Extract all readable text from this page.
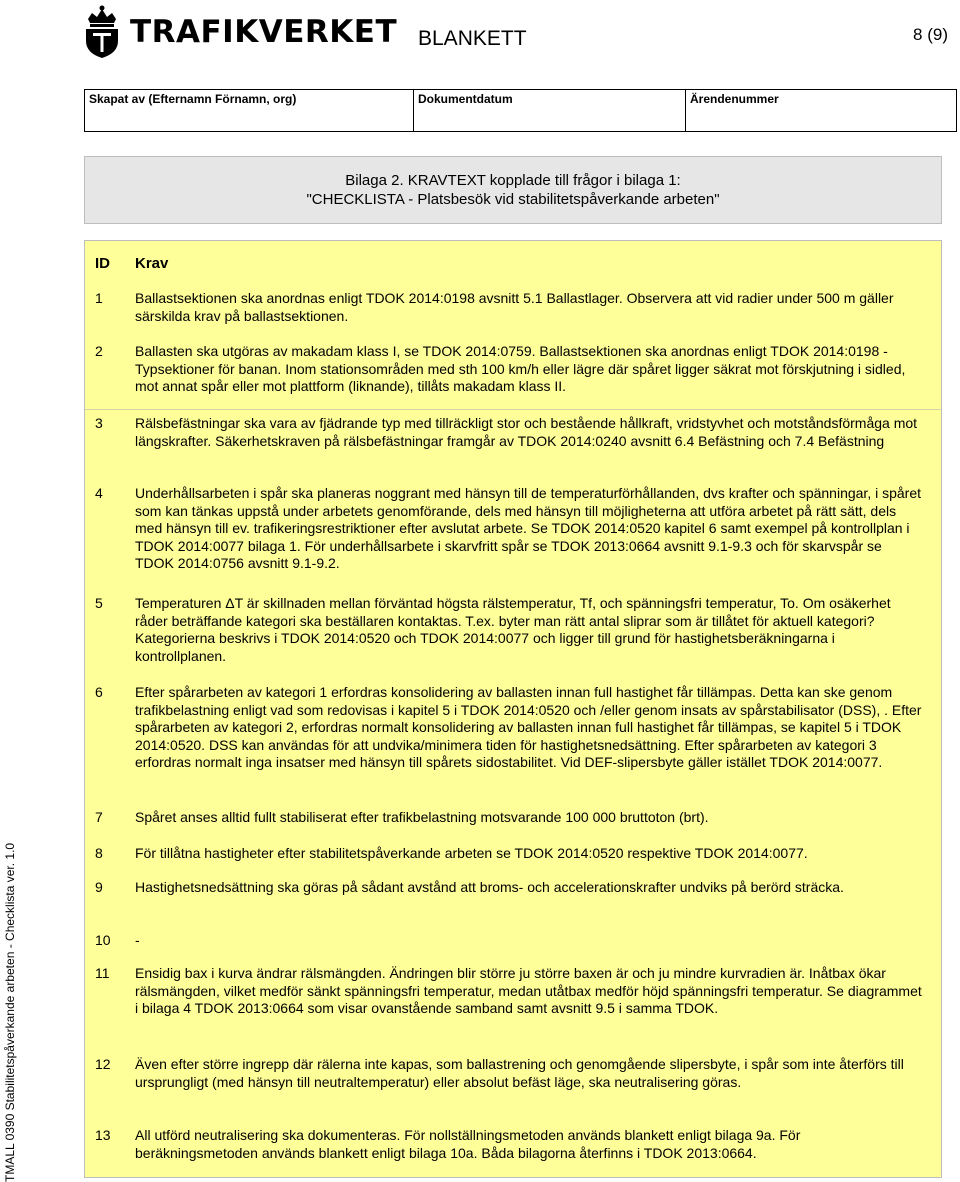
TRAFIKVERKET BLANKETT	8 (9)
Skapat av (Efternamn Förnamn, org)	Dokumentdatum	Ärendenummer
Bilaga 2. KRAVTEXT kopplade till frågor i bilaga 1:
"CHECKLISTA - Platsbesök vid stabilitetspåverkande arbeten"
ID Krav
1 Ballastsektionen ska anordnas enligt TDOK 2014:0198 avsnitt 5.1 Ballastlager. Observera att vid radier under 500 m gäller särskilda krav på ballastsektionen.
2 Ballasten ska utgöras av makadam klass I, se TDOK 2014:0759. Ballastsektionen ska anordnas enligt TDOK 2014:0198 - Typsektioner för banan. Inom stationsområden med sth 100 km/h eller lägre där spåret ligger säkrat mot förskjutning i sidled, mot annat spår eller mot plattform (liknande), tillåts makadam klass II.
3 Rälsbefästningar ska vara av fjädrande typ med tillräckligt stor och bestående hållkraft, vridstyvhet och motståndsförmåga mot längskrafter. Säkerhetskraven på rälsbefästningar framgår av TDOK 2014:0240 avsnitt 6.4 Befästning och 7.4 Befästning
4 Underhållsarbeten i spår ska planeras noggrant med hänsyn till de temperaturförhållanden, dvs krafter och spänningar, i spåret som kan tänkas uppstå under arbetets genomförande, dels med hänsyn till möjligheterna att utföra arbetet på rätt sätt, dels med hänsyn till ev. trafikeringsrestriktioner efter avslutat arbete. Se TDOK 2014:0520 kapitel 6 samt exempel på kontrollplan i TDOK 2014:0077 bilaga 1. För underhållsarbete i skarvfritt spår se TDOK 2013:0664 avsnitt 9.1-9.3 och för skarvspår se TDOK 2014:0756 avsnitt 9.1-9.2.
5 Temperaturen ΔT är skillnaden mellan förväntad högsta rälstemperatur, Tf, och spänningsfri temperatur, To. Om osäkerhet råder beträffande kategori ska beställaren kontaktas. T.ex. byter man rätt antal sliprar som är tillåtet för aktuell kategori? Kategorierna beskrivs i TDOK 2014:0520 och TDOK 2014:0077 och ligger till grund för hastighetsberäkningarna i kontrollplanen.
6 Efter spårarbeten av kategori 1 erfordras konsolidering av ballasten innan full hastighet får tillämpas. Detta kan ske genom trafikbelastning enligt vad som redovisas i kapitel 5 i TDOK 2014:0520 och /eller genom insats av spårstabilisator (DSS), . Efter spårarbeten av kategori 2, erfordras normalt konsolidering av ballasten innan full hastighet får tillämpas, se kapitel 5 i TDOK 2014:0520. DSS kan användas för att undvika/minimera tiden för hastighetsnedsättning. Efter spårarbeten av kategori 3 erfordras normalt inga insatser med hänsyn till spårets sidostabilitet. Vid DEF-slipersbyte gäller istället TDOK 2014:0077.
7 Spåret anses alltid fullt stabiliserat efter trafikbelastning motsvarande 100 000 bruttoton (brt).
8 För tillåtna hastigheter efter stabilitetspåverkande arbeten se TDOK 2014:0520 respektive TDOK 2014:0077.
9 Hastighetsnedsättning ska göras på sådant avstånd att broms- och accelerationskrafter undviks på berörd sträcka.
10 -
11 Ensidig bax i kurva ändrar rälsmängden. Ändringen blir större ju större baxen är och ju mindre kurvradien är. Inåtbax ökar rälsmängden, vilket medför sänkt spänningsfri temperatur, medan utåtbax medför höjd spänningsfri temperatur. Se diagrammet i bilaga 4 TDOK 2013:0664 som visar ovanstående samband samt avsnitt 9.5 i samma TDOK.
12 Även efter större ingrepp där rälerna inte kapas, som ballastrening och genomgående slipersbyte, i spår som inte återförs till ursprungligt (med hänsyn till neutraltemperatur) eller absolut befäst läge, ska neutralisering göras.
13 All utförd neutralisering ska dokumenteras. För nollställningsmetoden används blankett enligt bilaga 9a. För beräkningsmetoden används blankett enligt bilaga 10a. Båda bilagorna återfinns i TDOK 2013:0664.
TMALL 0390 Stabilitetspåverkande arbeten - Checklista ver. 1.0
